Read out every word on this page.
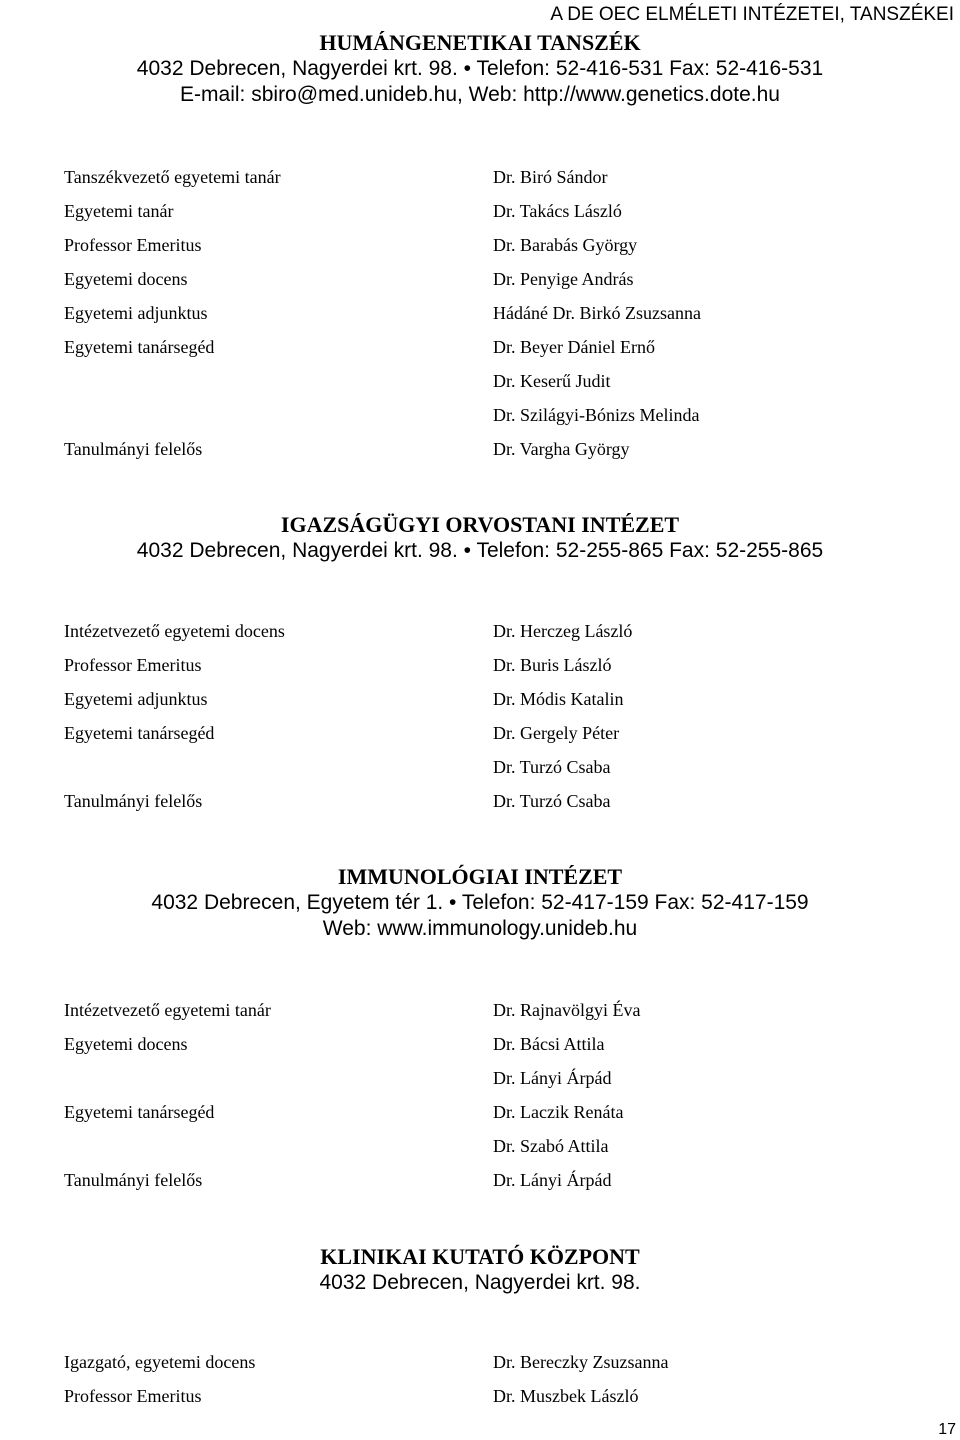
A DE OEC ELMÉLETI INTÉZETEI, TANSZÉKEI
HUMÁNGENETIKAI TANSZÉK
4032 Debrecen, Nagyerdei krt. 98. • Telefon: 52-416-531 Fax: 52-416-531
E-mail: sbiro@med.unideb.hu, Web: http://www.genetics.dote.hu
Tanszékvezető egyetemi tanár	Dr. Biró Sándor
Egyetemi tanár	Dr. Takács László
Professor Emeritus	Dr. Barabás György
Egyetemi docens	Dr. Penyige András
Egyetemi adjunktus	Hádáné Dr. Birkó Zsuzsanna
Egyetemi tanársegéd	Dr. Beyer Dániel Ernő
Dr. Keserű Judit
Dr. Szilágyi-Bónizs Melinda
Tanulmányi felelős	Dr. Vargha György
IGAZSÁGÜGYI ORVOSTANI INTÉZET
4032 Debrecen, Nagyerdei krt. 98. • Telefon: 52-255-865 Fax: 52-255-865
Intézetvezető egyetemi docens	Dr. Herczeg László
Professor Emeritus	Dr. Buris László
Egyetemi adjunktus	Dr. Módis Katalin
Egyetemi tanársegéd	Dr. Gergely Péter
Dr. Turzó Csaba
Tanulmányi felelős	Dr. Turzó Csaba
IMMUNOLÓGIAI INTÉZET
4032 Debrecen, Egyetem tér 1. • Telefon: 52-417-159 Fax: 52-417-159
Web: www.immunology.unideb.hu
Intézetvezető egyetemi tanár	Dr. Rajnavölgyi Éva
Egyetemi docens	Dr. Bácsi Attila
Dr. Lányi Árpád
Egyetemi tanársegéd	Dr. Laczik Renáta
Dr. Szabó Attila
Tanulmányi felelős	Dr. Lányi Árpád
KLINIKAI KUTATÓ KÖZPONT
4032 Debrecen, Nagyerdei krt. 98.
Igazgató, egyetemi docens	Dr. Bereczky Zsuzsanna
Professor Emeritus	Dr. Muszbek László
17
